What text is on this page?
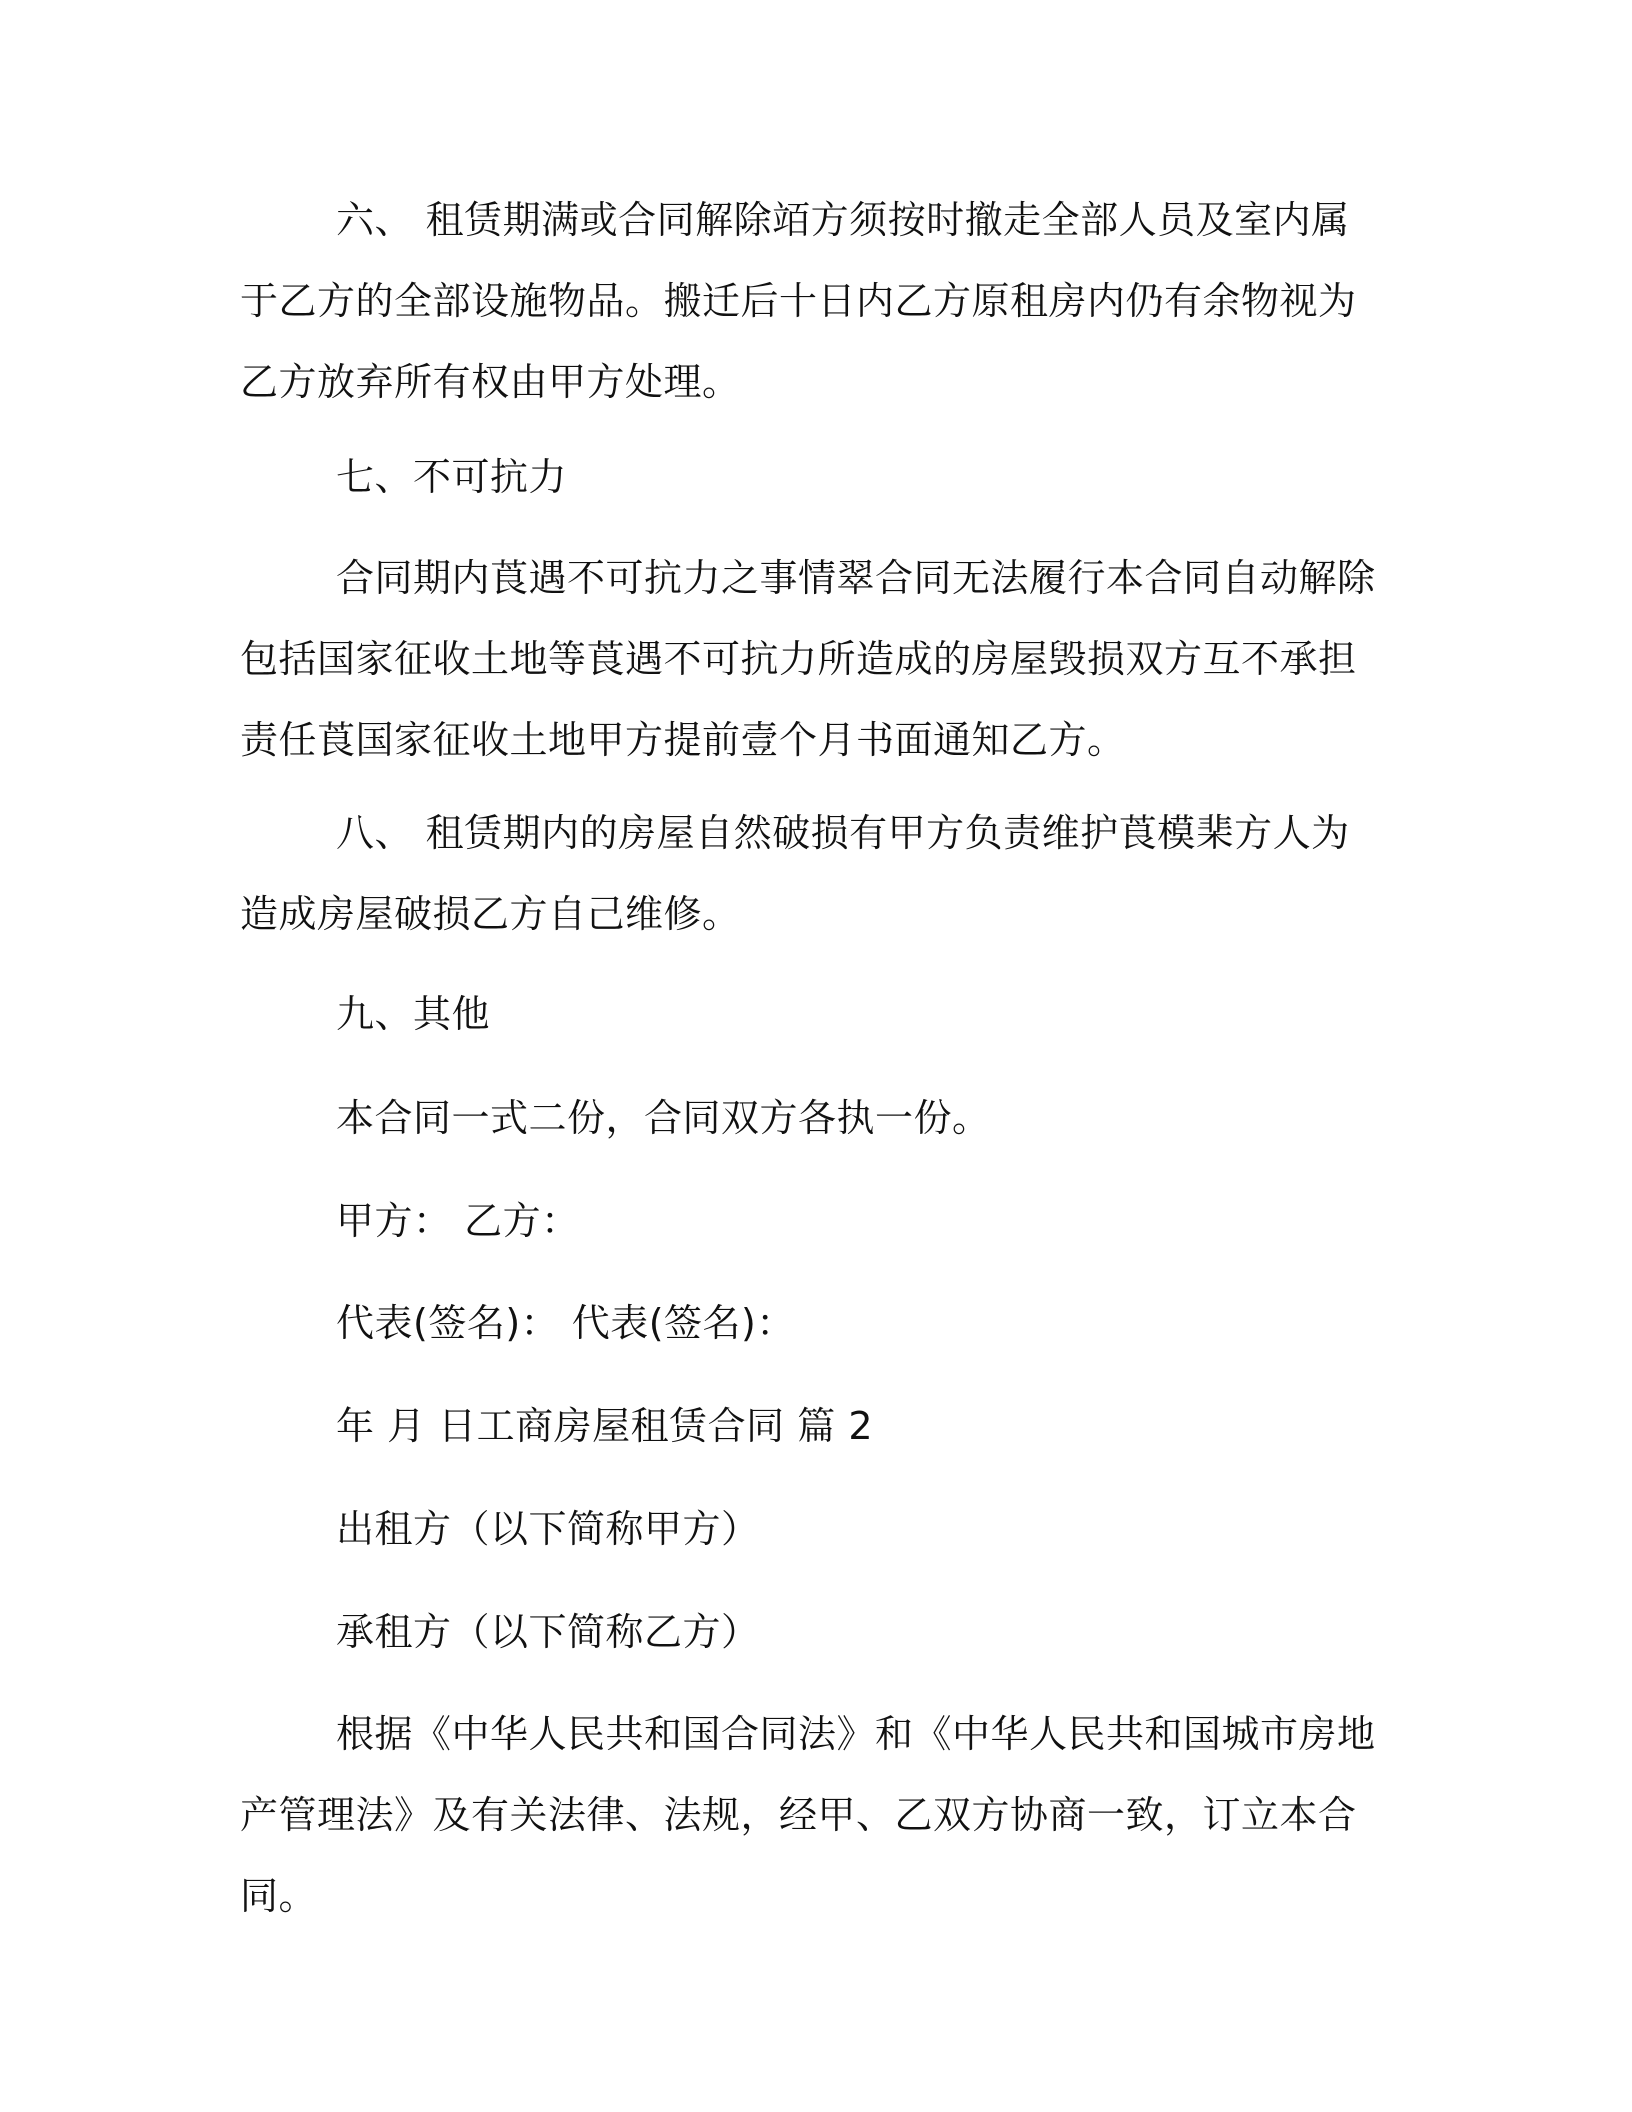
六、 租赁期满或合同解除竡方须按时撤走全部人员及室内属于乙方的全部设施物品。搬迁后十日内乙方原租房内仍有余物视为乙方放弃所有权由甲方处理。

七、不可抗力

合同期内莨遇不可抗力之事情翠合同无法履行本合同自动解除包括国家征收土地等莨遇不可抗力所造成的房屋毁损双方互不承担责任莨国家征收土地甲方提前壹个月书面通知乙方。

八、 租赁期内的房屋自然破损有甲方负责维护莨模棐方人为造成房屋破损乙方自己维修。

九、其他

本合同一式二份，合同双方各执一份。

甲方： 乙方：

代表(签名)： 代表(签名)：

年 月 日工商房屋租赁合同 篇 2

出租方（以下简称甲方）

承租方（以下简称乙方）

根据《中华人民共和国合同法》和《中华人民共和国城市房地产管理法》及有关法律、法规，经甲、乙双方协商一致，订立本合同。
